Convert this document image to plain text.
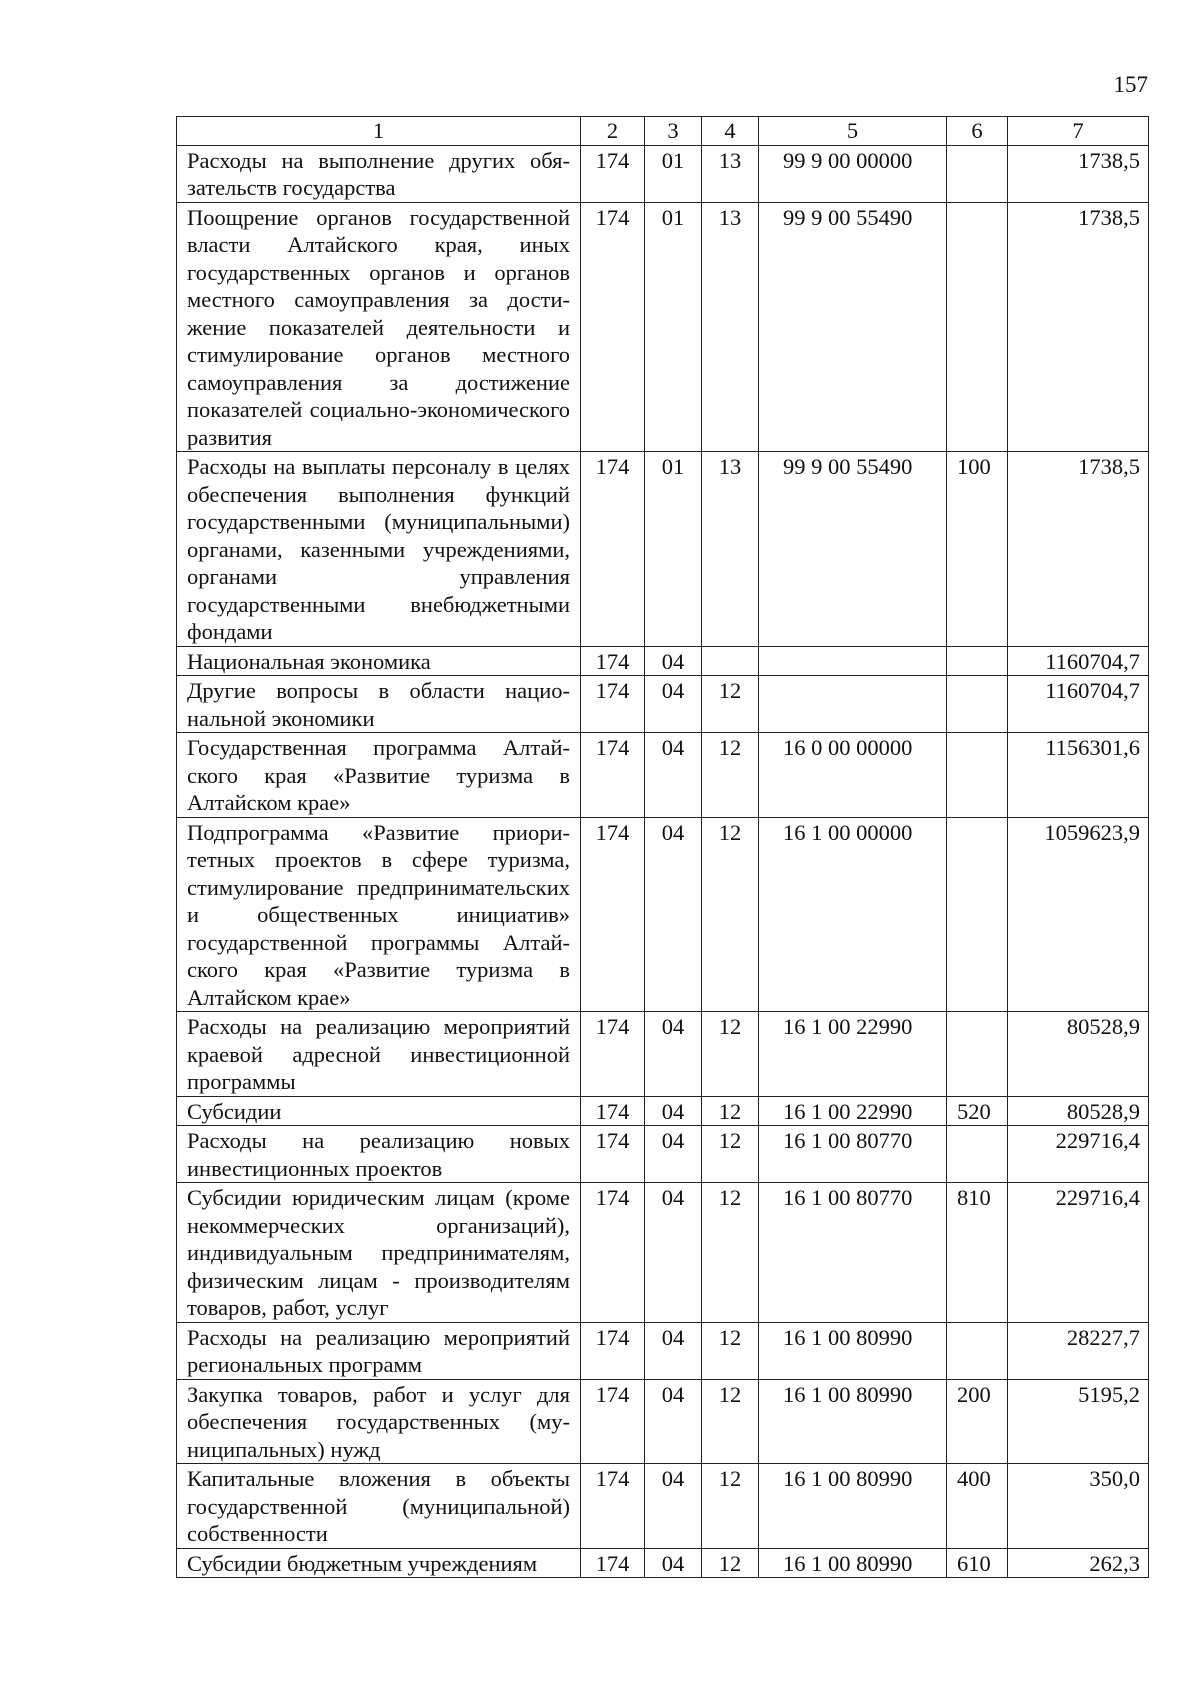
157
1	2	3	4	5	6	7
Расходы на выполнение других обязательств государства	174	01	13	99 9 00 00000		1738,5
Поощрение органов государственной власти Алтайского края, иных государственных органов и органов местного самоуправления за достижение показателей деятельности и стимулирование органов местного самоуправления за достижение показателей социально-экономического развития	174	01	13	99 9 00 55490		1738,5
Расходы на выплаты персоналу в целях обеспечения выполнения функций государственными (муниципальными) органами, казенными учреждениями, органами управления государственными внебюджетными фондами	174	01	13	99 9 00 55490	100	1738,5
Национальная экономика	174	04				1160704,7
Другие вопросы в области национальной экономики	174	04	12			1160704,7
Государственная программа Алтайского края «Развитие туризма в Алтайском крае»	174	04	12	16 0 00 00000		1156301,6
Подпрограмма «Развитие приоритетных проектов в сфере туризма, стимулирование предпринимательских и общественных инициатив» государственной программы Алтайского края «Развитие туризма в Алтайском крае»	174	04	12	16 1 00 00000		1059623,9
Расходы на реализацию мероприятий краевой адресной инвестиционной программы	174	04	12	16 1 00 22990		80528,9
Субсидии	174	04	12	16 1 00 22990	520	80528,9
Расходы на реализацию новых инвестиционных проектов	174	04	12	16 1 00 80770		229716,4
Субсидии юридическим лицам (кроме некоммерческих организаций), индивидуальным предпринимателям, физическим лицам - производителям товаров, работ, услуг	174	04	12	16 1 00 80770	810	229716,4
Расходы на реализацию мероприятий региональных программ	174	04	12	16 1 00 80990		28227,7
Закупка товаров, работ и услуг для обеспечения государственных (муниципальных) нужд	174	04	12	16 1 00 80990	200	5195,2
Капитальные вложения в объекты государственной (муниципальной) собственности	174	04	12	16 1 00 80990	400	350,0
Субсидии бюджетным учреждениям	174	04	12	16 1 00 80990	610	262,3
